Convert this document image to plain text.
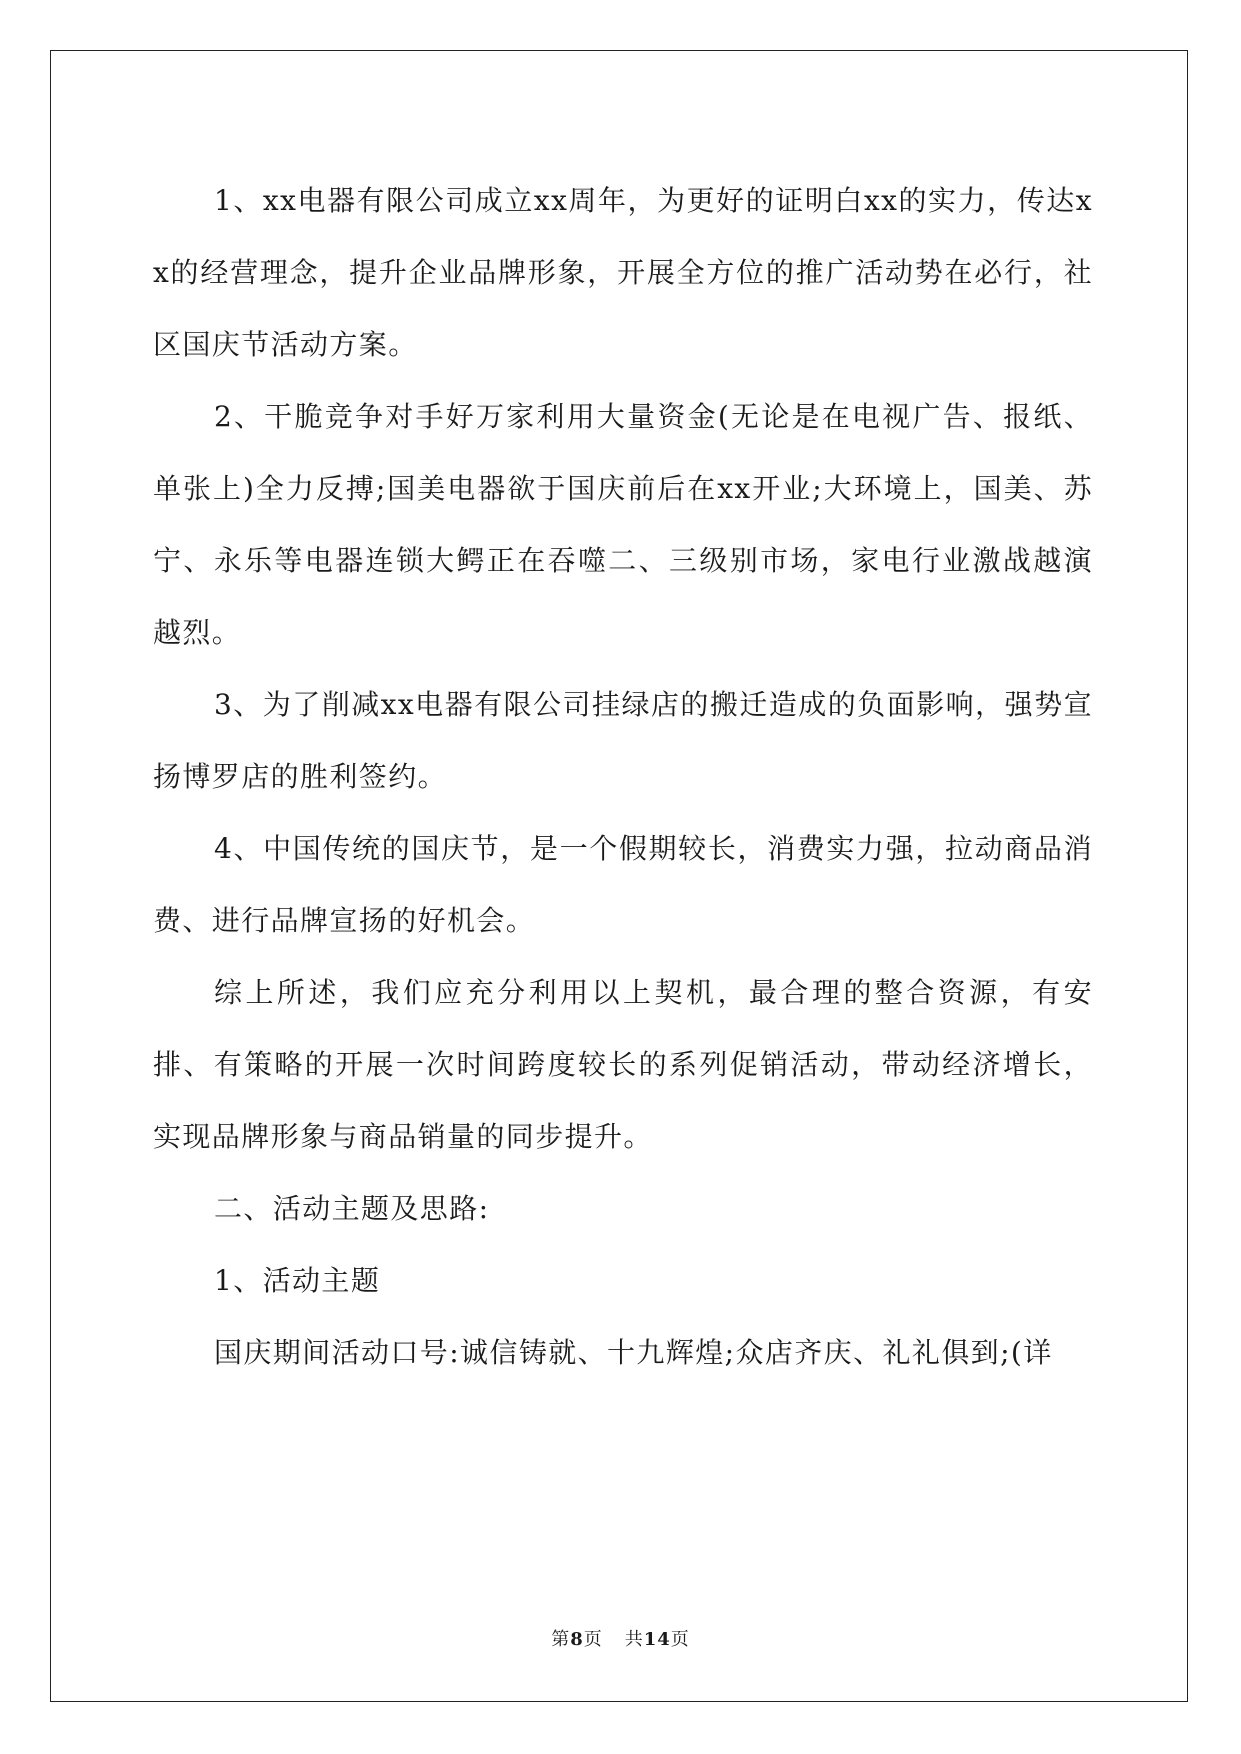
1、xx电器有限公司成立xx周年，为更好的证明白xx的实力，传达xx的经营理念，提升企业品牌形象，开展全方位的推广活动势在必行，社区国庆节活动方案。

2、干脆竞争对手好万家利用大量资金(无论是在电视广告、报纸、单张上)全力反搏;国美电器欲于国庆前后在xx开业;大环境上，国美、苏宁、永乐等电器连锁大鳄正在吞噬二、三级别市场，家电行业激战越演越烈。

3、为了削减xx电器有限公司挂绿店的搬迁造成的负面影响，强势宣扬博罗店的胜利签约。

4、中国传统的国庆节，是一个假期较长，消费实力强，拉动商品消费、进行品牌宣扬的好机会。

综上所述，我们应充分利用以上契机，最合理的整合资源，有安排、有策略的开展一次时间跨度较长的系列促销活动，带动经济增长，实现品牌形象与商品销量的同步提升。

二、活动主题及思路:

1、活动主题

国庆期间活动口号:诚信铸就、十九辉煌;众店齐庆、礼礼俱到;(详

第8页 共14页
